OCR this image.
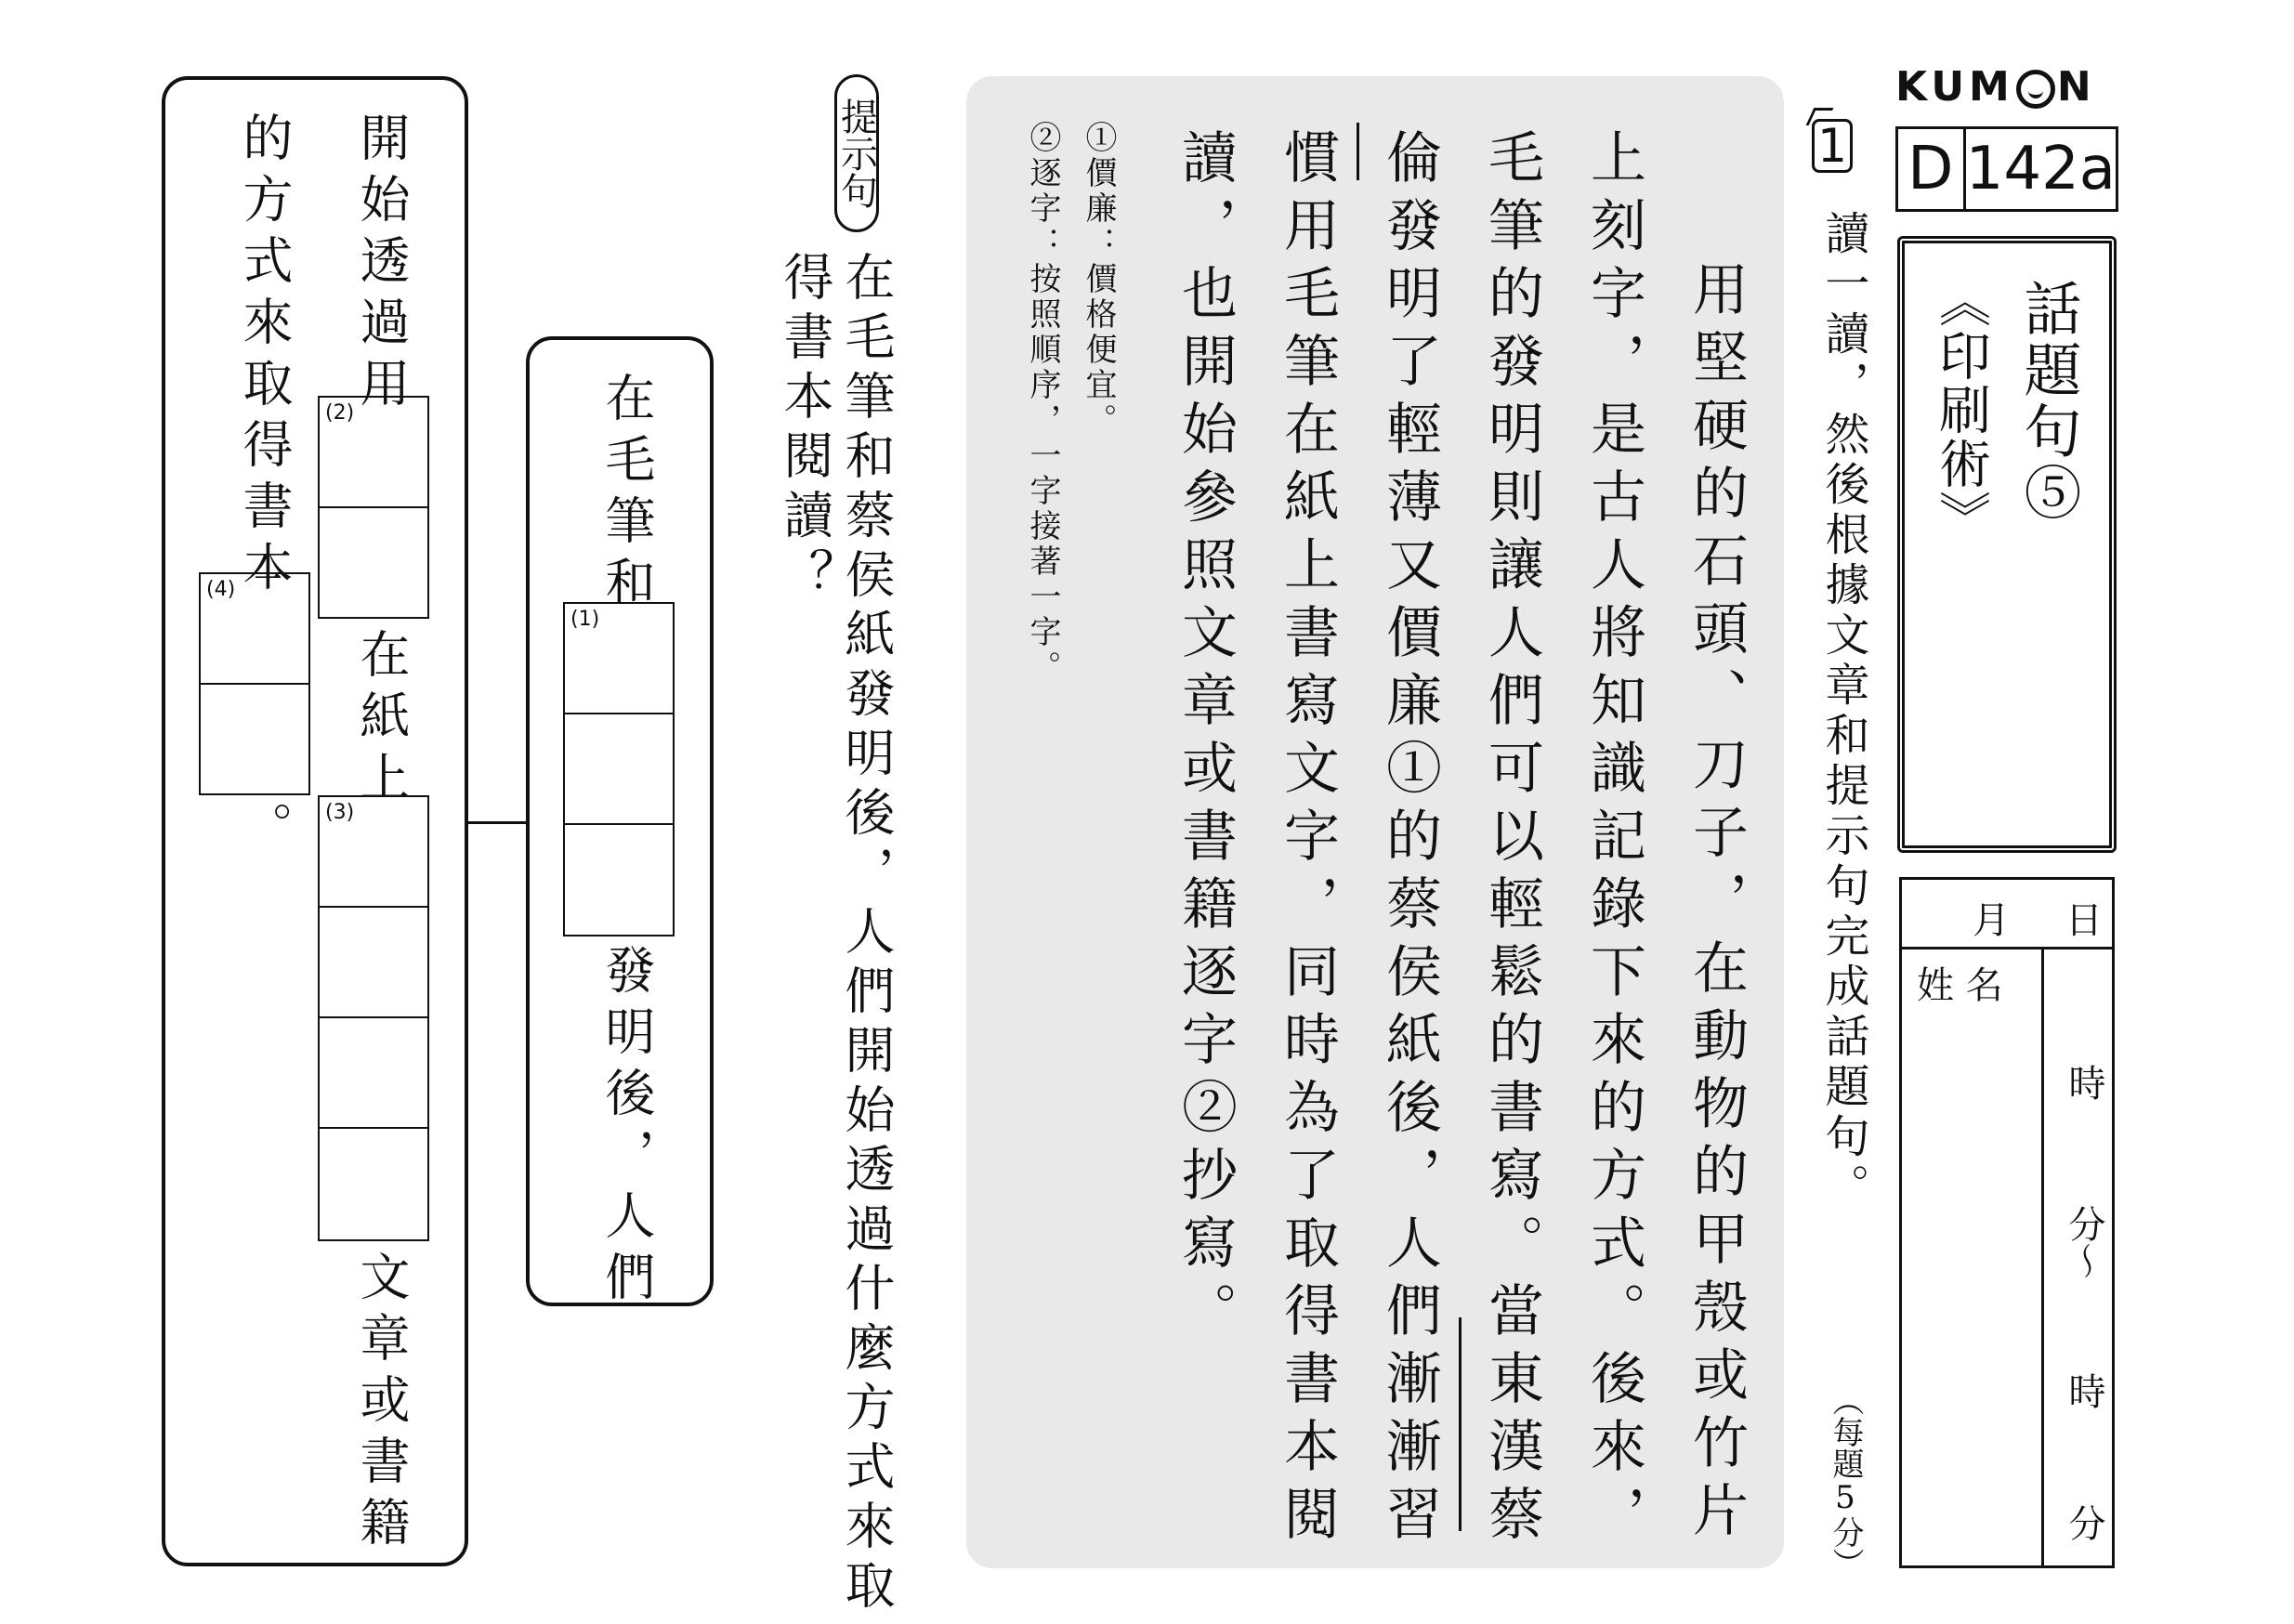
KUM N
D 142a
話題句⑤
《印刷術》
月 日
姓 名
時
分～
時
分
1
讀一讀，然後根據文章和提示句完成話題句。
（每題5分）
用堅硬的石頭、刀子，在動物的甲殼或竹片
上刻字，是古人將知識記錄下來的方式。後來，
毛筆的發明則讓人們可以輕鬆的書寫。當東漢蔡
倫發明了輕薄又價廉①的蔡侯紙後，人們漸漸習
慣用毛筆在紙上書寫文字，同時為了取得書本閱
讀，也開始參照文章或書籍逐字②抄寫。
①價廉：價格便宜。
②逐字：按照順序，一字接著一字。
提示句
在毛筆和蔡侯紙發明後，人們開始透過什麼方式來取
得書本閱讀？
在毛筆和
(1)
發明後，人們
開始透過用
(2)
在紙上
(3)
文章或書籍
的方式來取得書本
(4)
。
